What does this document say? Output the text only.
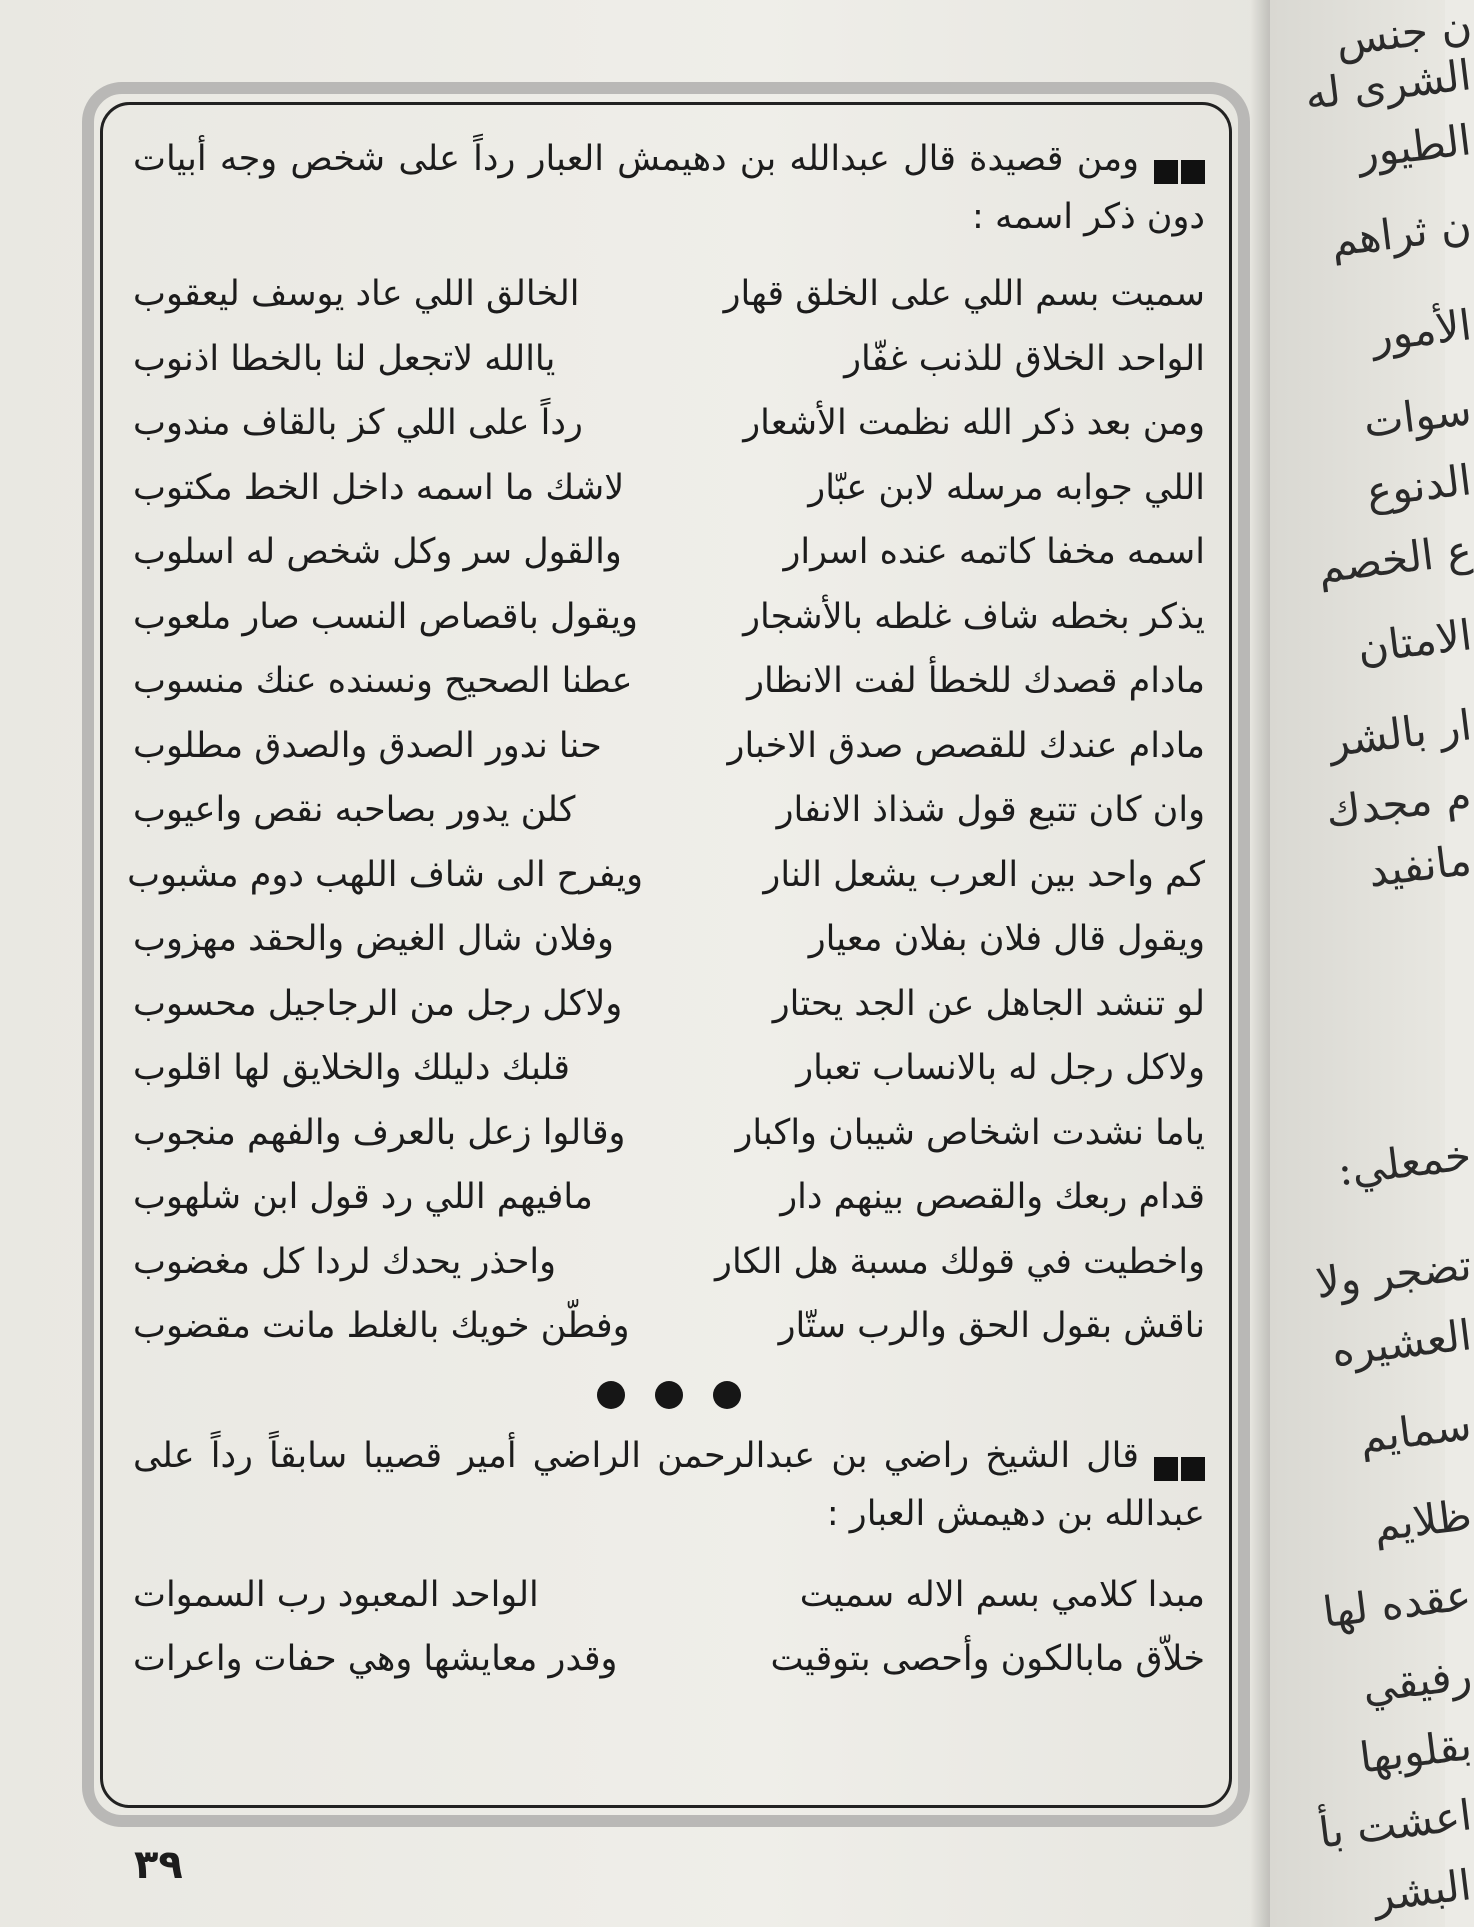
ن جنس
الشرى له
الطيور
ن ثراهم
الأمور
سوات
الدنوع
ع الخصم
الامتان
ار بالشر
م مجدك
مانفيد
خمعلي:
تضجر ولا
العشيره
سمايم
ظلايم
عقده لها
رفيقي
بقلوبها
اعشت بأ
البشر

ومن قصيدة قال عبدالله بن دهيمش العبار رداً على شخص وجه أبيات دون ذكر اسمه :

سميت بسم اللي على الخلق قهار
الخالق اللي عاد يوسف ليعقوب
الواحد الخلاق للذنب غفّار
ياالله لاتجعل لنا بالخطا اذنوب
ومن بعد ذكر الله نظمت الأشعار
رداً على اللي كز بالقاف مندوب
اللي جوابه مرسله لابن عبّار
لاشك ما اسمه داخل الخط مكتوب
اسمه مخفا كاتمه عنده اسرار
والقول سر وكل شخص له اسلوب
يذكر بخطه شاف غلطه بالأشجار
ويقول باقصاص النسب صار ملعوب
مادام قصدك للخطأ لفت الانظار
عطنا الصحيح ونسنده عنك منسوب
مادام عندك للقصص صدق الاخبار
حنا ندور الصدق والصدق مطلوب
وان كان تتبع قول شذاذ الانفار
كلن يدور بصاحبه نقص واعيوب
كم واحد بين العرب يشعل النار
ويفرح الى شاف اللهب دوم مشبوب
ويقول قال فلان بفلان معيار
وفلان شال الغيض والحقد مهزوب
لو تنشد الجاهل عن الجد يحتار
ولاكل رجل من الرجاجيل محسوب
ولاكل رجل له بالانساب تعبار
قلبك دليلك والخلايق لها اقلوب
ياما نشدت اشخاص شيبان واكبار
وقالوا زعل بالعرف والفهم منجوب
قدام ربعك والقصص بينهم دار
مافيهم اللي رد قول ابن شلهوب
واخطيت في قولك مسبة هل الكار
واحذر يحدك لردا كل مغضوب
ناقش بقول الحق والرب ستّار
وفطّن خويك بالغلط مانت مقضوب

قال الشيخ راضي بن عبدالرحمن الراضي أمير قصيبا سابقاً رداً على عبدالله بن دهيمش العبار :

مبدا كلامي بسم الاله سميت
الواحد المعبود رب السموات
خلاّق مابالكون وأحصى بتوقيت
وقدر معايشها وهي حفات واعرات
٣٩
